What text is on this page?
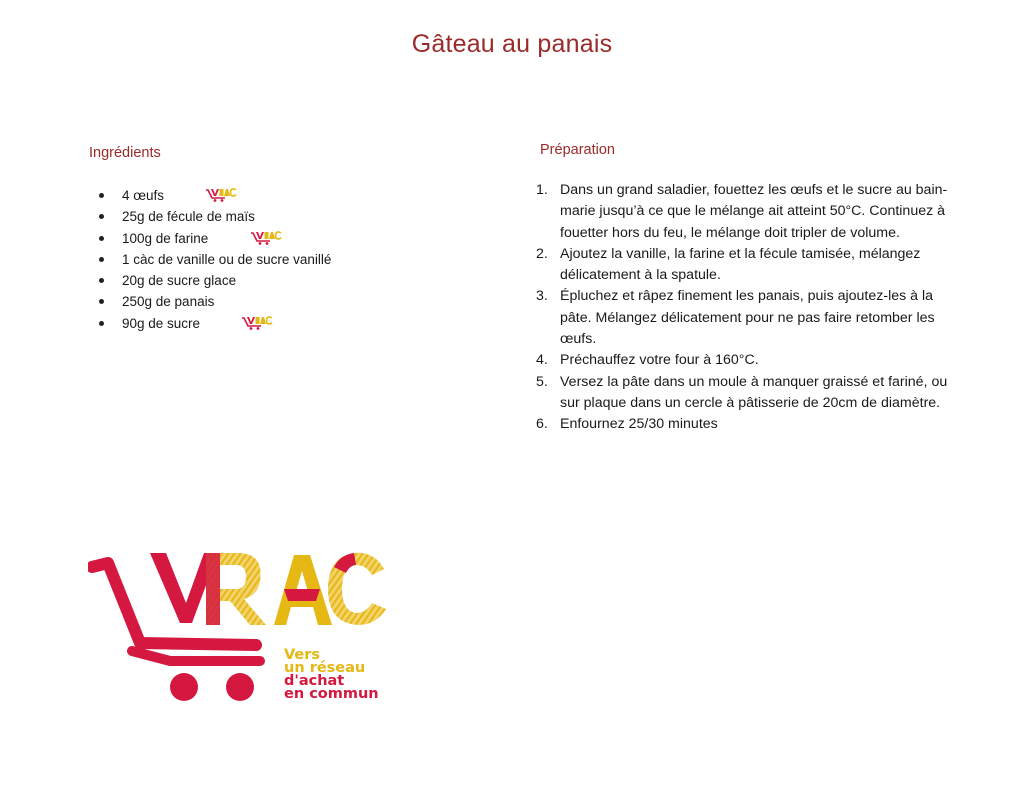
Gâteau au panais
Ingrédients
4 œufs
25g de fécule de maïs
100g de farine
1 càc de vanille ou de sucre vanillé
20g de sucre glace
250g de panais
90g de sucre
Préparation
1. Dans un grand saladier, fouettez les œufs et le sucre au bain-marie jusqu’à ce que le mélange ait atteint 50°C. Continuez à fouetter hors du feu, le mélange doit tripler de volume.
2. Ajoutez la vanille, la farine et la fécule tamisée, mélangez délicatement à la spatule.
3. Épluchez et râpez finement les panais, puis ajoutez-les à la pâte. Mélangez délicatement pour ne pas faire retomber les œufs.
4. Préchauffez votre four à 160°C.
5. Versez la pâte dans un moule à manquer graissé et fariné, ou sur plaque dans un cercle à pâtisserie de 20cm de diamètre.
6. Enfournez 25/30 minutes
Vers
un réseau
d'achat
en commun
